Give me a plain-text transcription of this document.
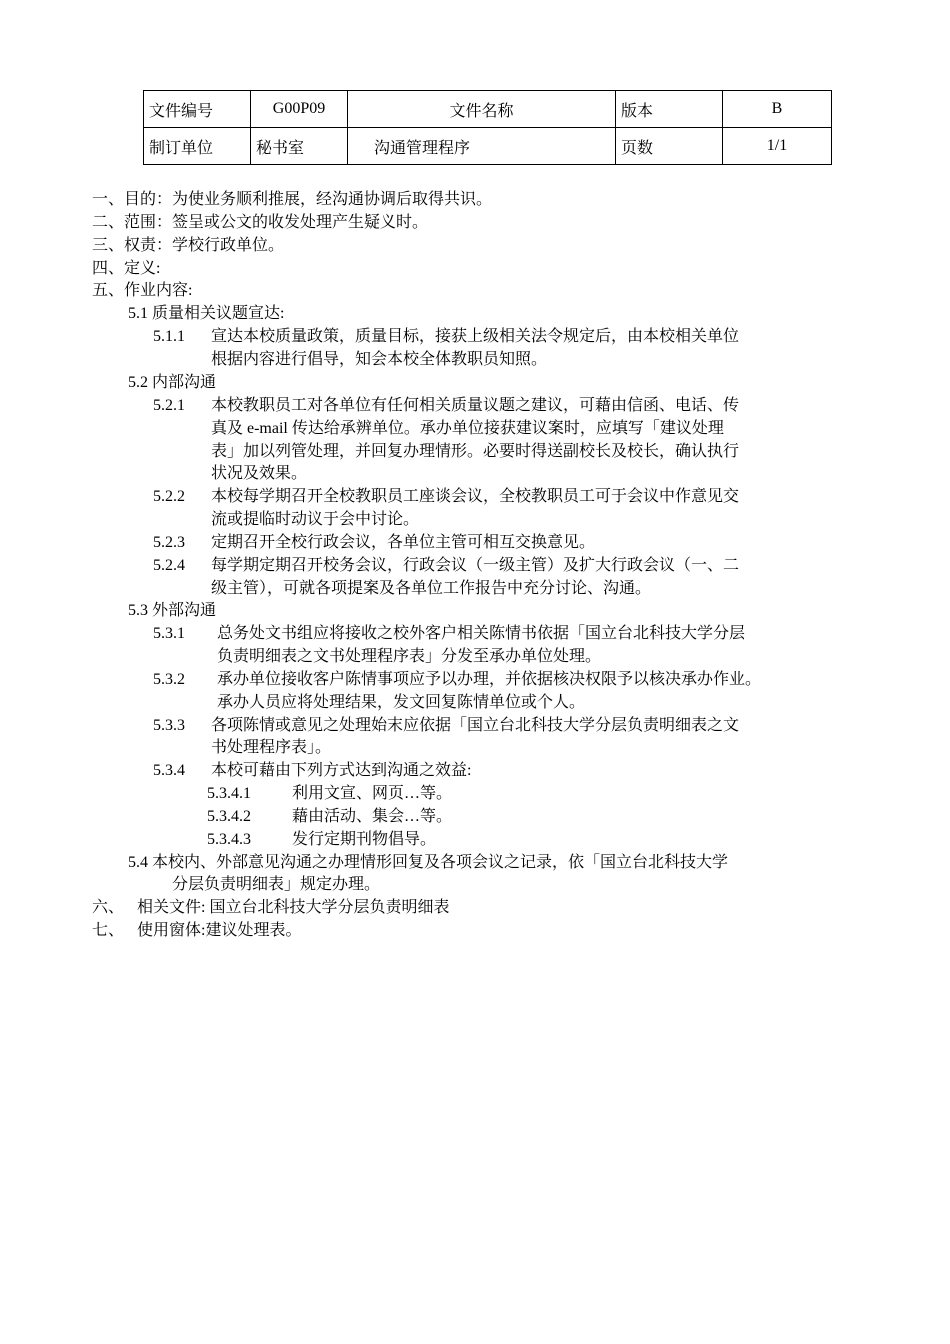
文件编号	G00P09	文件名称	版本	B
制订单位	秘书室	沟通管理程序	页数	1/1
一、目的：为使业务顺利推展，经沟通协调后取得共识。
二、范围：签呈或公文的收发处理产生疑义时。
三、权责：学校行政单位。
四、定义:
五、作业内容:
5.1 质量相关议题宣达:
5.1.1 宣达本校质量政策，质量目标，接获上级相关法令规定后，由本校相关单位
根据内容进行倡导，知会本校全体教职员知照。
5.2 内部沟通
5.2.1 本校教职员工对各单位有任何相关质量议题之建议，可藉由信函、电话、传
真及 e-mail 传达给承辨单位。承办单位接获建议案时，应填写「建议处理
表」加以列管处理，并回复办理情形。必要时得送副校长及校长，确认执行
状况及效果。
5.2.2 本校每学期召开全校教职员工座谈会议，全校教职员工可于会议中作意见交
流或提临时动议于会中讨论。
5.2.3 定期召开全校行政会议，各单位主管可相互交换意见。
5.2.4 每学期定期召开校务会议，行政会议（一级主管）及扩大行政会议（一、二
级主管），可就各项提案及各单位工作报告中充分讨论、沟通。
5.3 外部沟通
5.3.1 总务处文书组应将接收之校外客户相关陈情书依据「国立台北科技大学分层
负责明细表之文书处理程序表」分发至承办单位处理。
5.3.2 承办单位接收客户陈情事项应予以办理，并依据核决权限予以核决承办作业。
承办人员应将处理结果，发文回复陈情单位或个人。
5.3.3 各项陈情或意见之处理始末应依据「国立台北科技大学分层负责明细表之文
书处理程序表」。
5.3.4 本校可藉由下列方式达到沟通之效益:
5.3.4.1	利用文宣、网页…等。
5.3.4.2	藉由活动、集会…等。
5.3.4.3	发行定期刊物倡导。
5.4 本校内、外部意见沟通之办理情形回复及各项会议之记录，依「国立台北科技大学
分层负责明细表」规定办理。
六、 相关文件: 国立台北科技大学分层负责明细表
七、 使用窗体:建议处理表。
